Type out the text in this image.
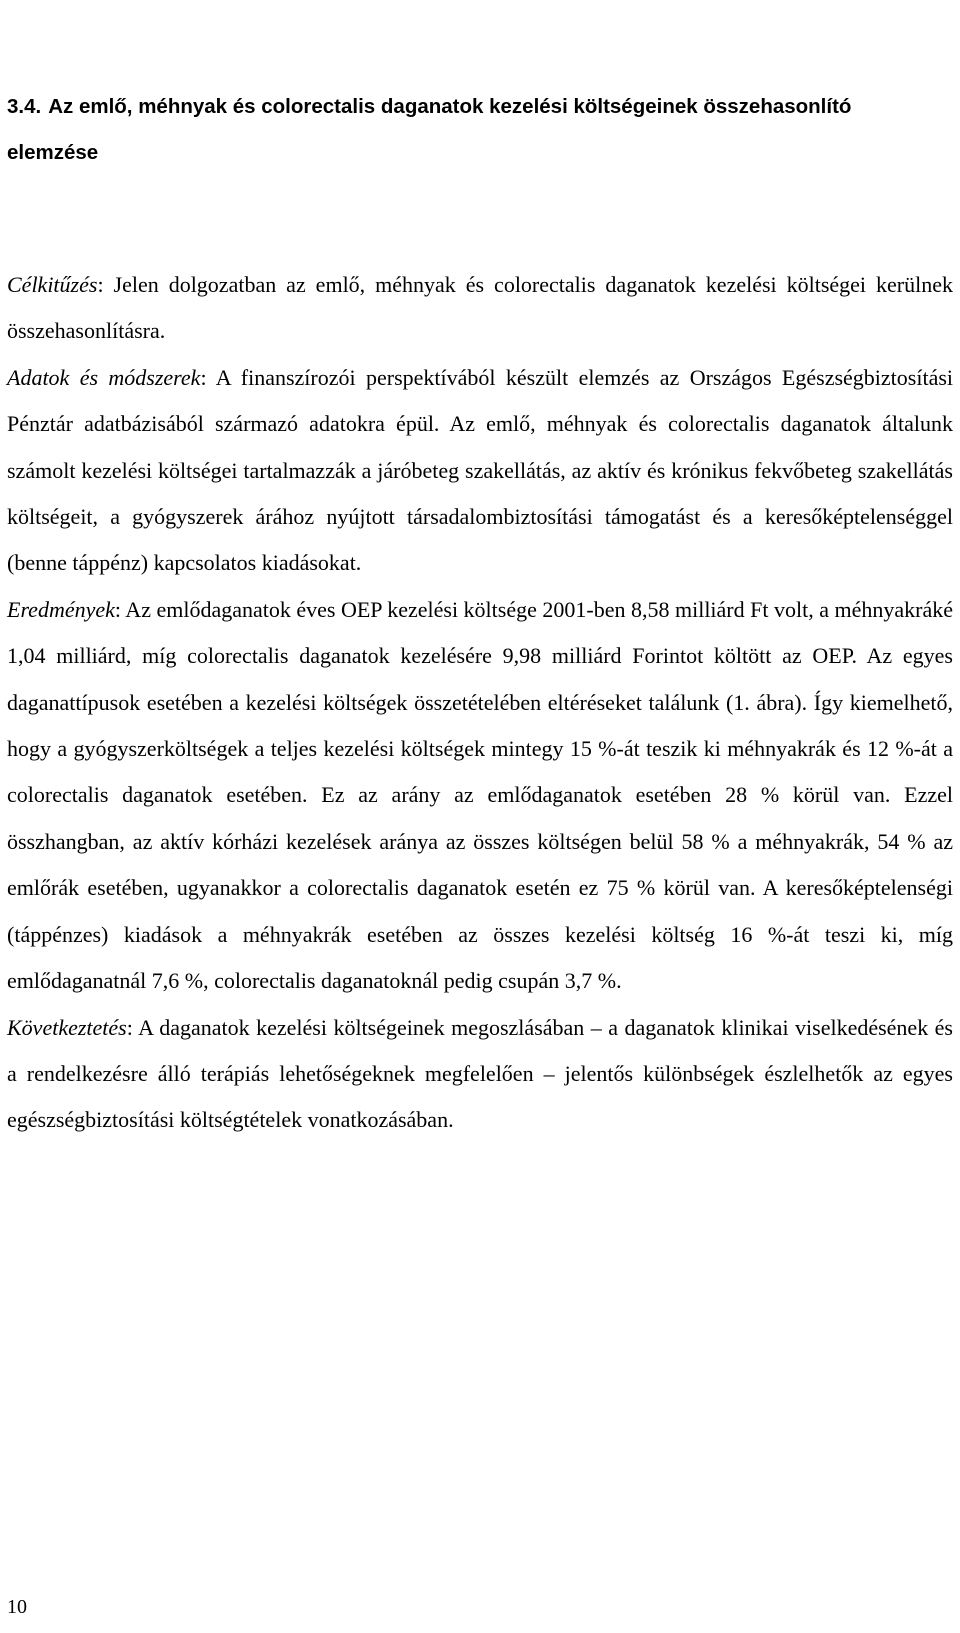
3.4. Az emlő, méhnyak és colorectalis daganatok kezelési költségeinek összehasonlító elemzése

Célkitűzés: Jelen dolgozatban az emlő, méhnyak és colorectalis daganatok kezelési költségei kerülnek összehasonlításra.

Adatok és módszerek: A finanszírozói perspektívából készült elemzés az Országos Egészségbiztosítási Pénztár adatbázisából származó adatokra épül. Az emlő, méhnyak és colorectalis daganatok általunk számolt kezelési költségei tartalmazzák a járóbeteg szakellátás, az aktív és krónikus fekvőbeteg szakellátás költségeit, a gyógyszerek árához nyújtott társadalombiztosítási támogatást és a keresőképtelenséggel (benne táppénz) kapcsolatos kiadásokat.

Eredmények: Az emlődaganatok éves OEP kezelési költsége 2001-ben 8,58 milliárd Ft volt, a méhnyakráké 1,04 milliárd, míg colorectalis daganatok kezelésére 9,98 milliárd Forintot költött az OEP. Az egyes daganattípusok esetében a kezelési költségek összetételében eltéréseket találunk (1. ábra). Így kiemelhető, hogy a gyógyszerköltségek a teljes kezelési költségek mintegy 15 %-át teszik ki méhnyakrák és 12 %-át a colorectalis daganatok esetében. Ez az arány az emlődaganatok esetében 28 % körül van. Ezzel összhangban, az aktív kórházi kezelések aránya az összes költségen belül 58 % a méhnyakrák, 54 % az emlőrák esetében, ugyanakkor a colorectalis daganatok esetén ez 75 % körül van. A keresőképtelenségi (táppénzes) kiadások a méhnyakrák esetében az összes kezelési költség 16 %-át teszi ki, míg emlődaganatnál 7,6 %, colorectalis daganatoknál pedig csupán 3,7 %.

Következtetés: A daganatok kezelési költségeinek megoszlásában – a daganatok klinikai viselkedésének és a rendelkezésre álló terápiás lehetőségeknek megfelelően – jelentős különbségek észlelhetők az egyes egészségbiztosítási költségtételek vonatkozásában.

10
